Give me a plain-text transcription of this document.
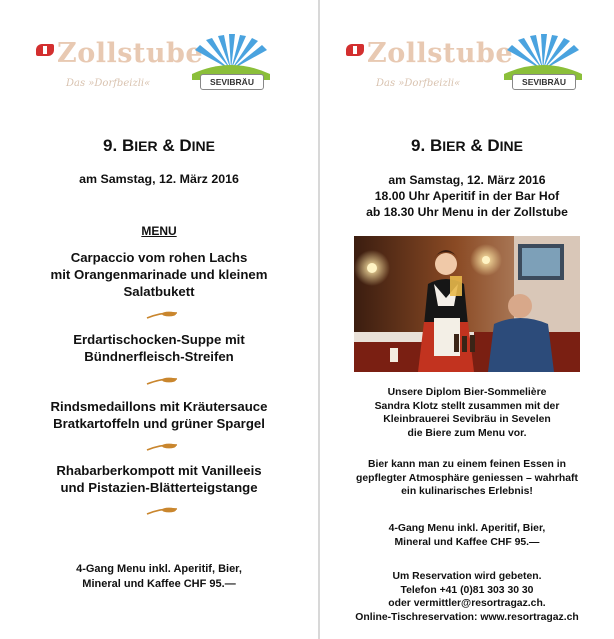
Zollstube
Das »Dorfbeizli«	SEVIBRÄU
9. BIER & DINE
am Samstag, 12. März 2016
MENU
Carpaccio vom rohen Lachs
mit Orangenmarinade und kleinem
Salatbukett
Erdartischocken-Suppe mit
Bündnerfleisch-Streifen
Rindsmedaillons mit Kräutersauce
Bratkartoffeln und grüner Spargel
Rhabarberkompott mit Vanilleeis
und Pistazien-Blätterteigstange
4-Gang Menu inkl. Aperitif, Bier,
Mineral und Kaffee CHF 95.—
Zollstube
Das »Dorfbeizli«	SEVIBRÄU
9. BIER & DINE
am Samstag, 12. März 2016
18.00 Uhr Aperitif in der Bar Hof
ab 18.30 Uhr Menu in der Zollstube
Unsere Diplom Bier-Sommelière
Sandra Klotz stellt zusammen mit der
Kleinbrauerei Sevibräu in Sevelen
die Biere zum Menu vor.
Bier kann man zu einem feinen Essen in
gepflegter Atmosphäre geniessen – wahrhaft
ein kulinarisches Erlebnis!
4-Gang Menu inkl. Aperitif, Bier,
Mineral und Kaffee CHF 95.—
Um Reservation wird gebeten.
Telefon +41 (0)81 303 30 30
oder vermittler@resortragaz.ch.
Online-Tischreservation: www.resortragaz.ch
